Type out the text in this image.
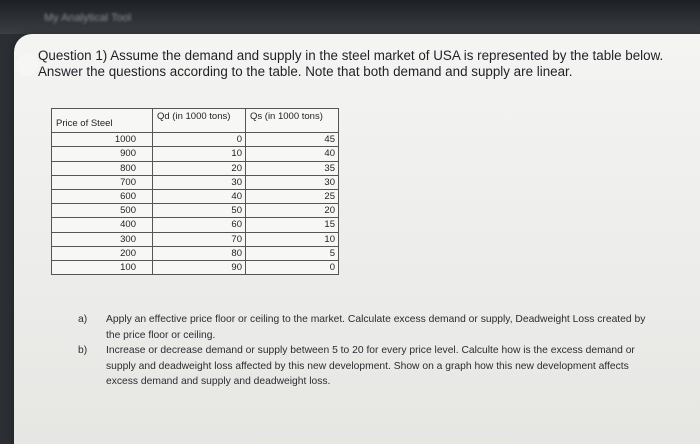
My Analytical Tool
Question 1) Assume the demand and supply in the steel market of USA is represented by the table below. Answer the questions according to the table. Note that both demand and supply are linear.
Price of Steel	Qd (in 1000 tons)	Qs (in 1000 tons)
1000	0	45
900	10	40
800	20	35
700	30	30
600	40	25
500	50	20
400	60	15
300	70	10
200	80	5
100	90	0
a)	Apply an effective price floor or ceiling to the market. Calculate excess demand or supply, Deadweight Loss created by the price floor or ceiling.
b)	Increase or decrease demand or supply between 5 to 20 for every price level. Calculte how is the excess demand or supply and deadweight loss affected by this new development. Show on a graph how this new development affects excess demand and supply and deadweight loss.
